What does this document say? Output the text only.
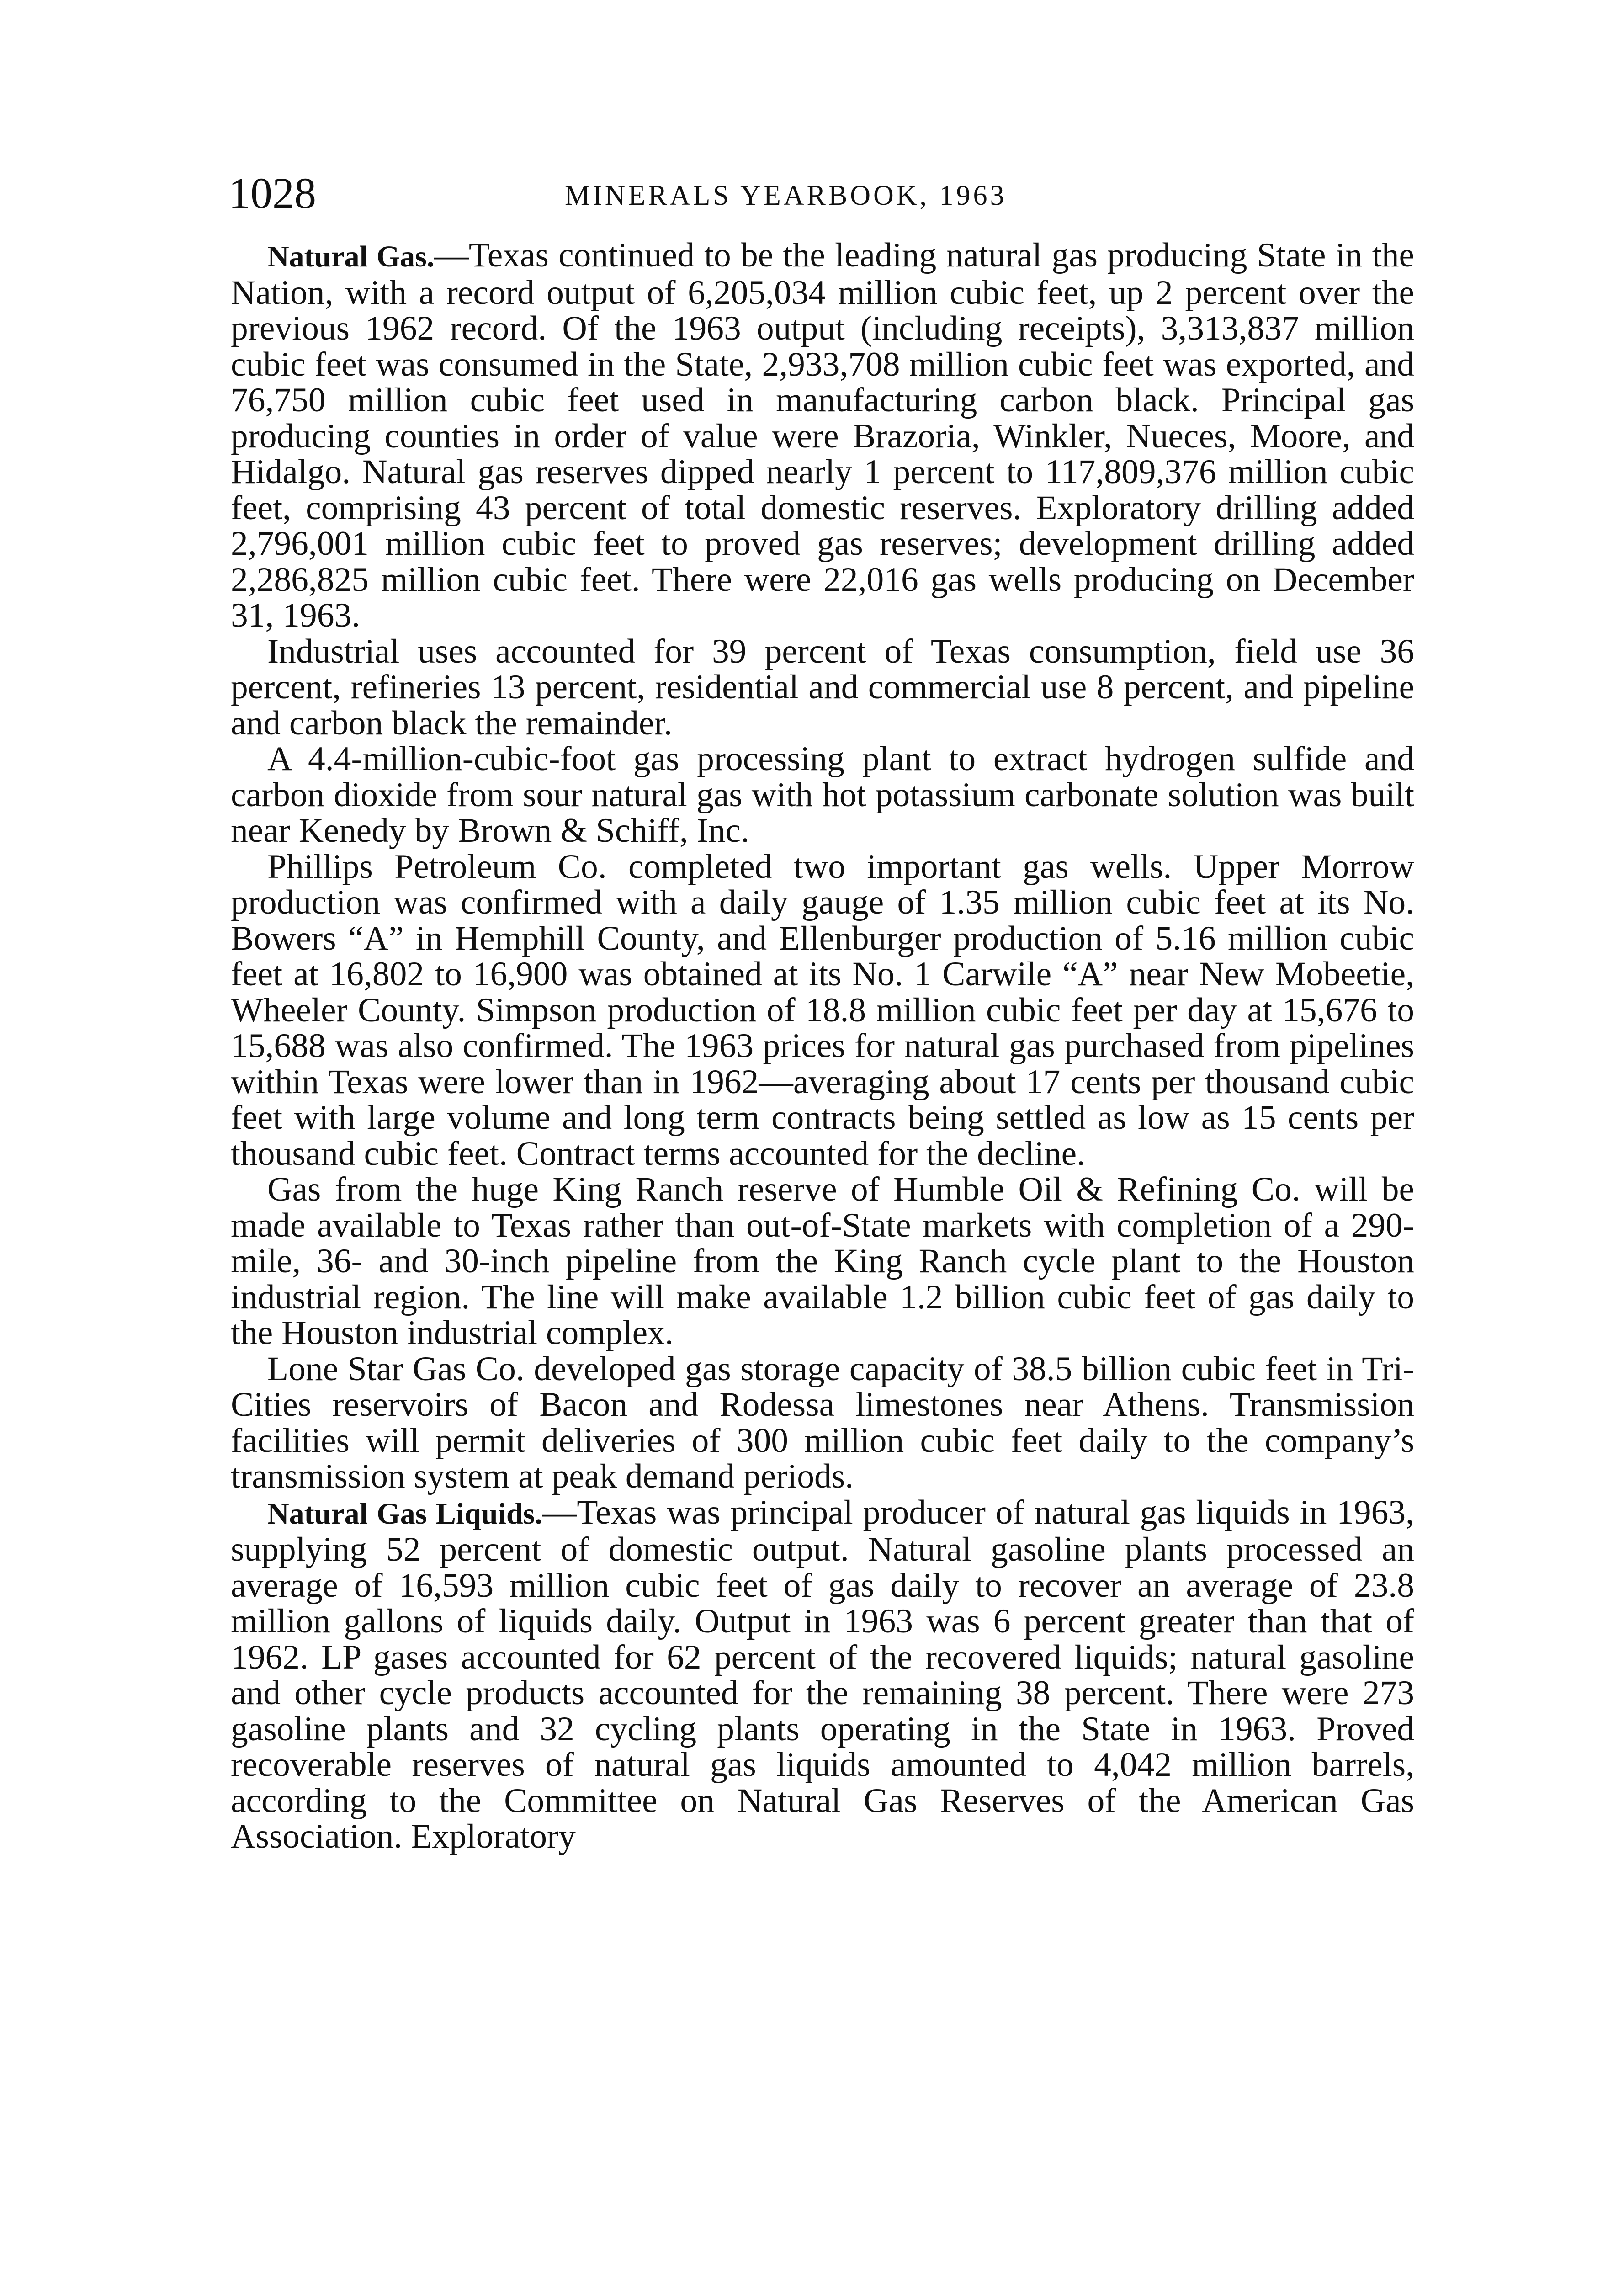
1028	MINERALS YEARBOOK, 1963

Natural Gas.—Texas continued to be the leading natural gas producing State in the Nation, with a record output of 6,205,034 million cubic feet, up 2 percent over the previous 1962 record. Of the 1963 output (including receipts), 3,313,837 million cubic feet was consumed in the State, 2,933,708 million cubic feet was exported, and 76,750 million cubic feet used in manufacturing carbon black. Principal gas producing counties in order of value were Brazoria, Winkler, Nueces, Moore, and Hidalgo. Natural gas reserves dipped nearly 1 percent to 117,809,376 million cubic feet, comprising 43 percent of total domestic reserves. Exploratory drilling added 2,796,001 million cubic feet to proved gas reserves; development drilling added 2,286,825 million cubic feet. There were 22,016 gas wells producing on December 31, 1963.

Industrial uses accounted for 39 percent of Texas consumption, field use 36 percent, refineries 13 percent, residential and commercial use 8 percent, and pipeline and carbon black the remainder.

A 4.4-million-cubic-foot gas processing plant to extract hydrogen sulfide and carbon dioxide from sour natural gas with hot potassium carbonate solution was built near Kenedy by Brown & Schiff, Inc.

Phillips Petroleum Co. completed two important gas wells. Upper Morrow production was confirmed with a daily gauge of 1.35 million cubic feet at its No. Bowers “A” in Hemphill County, and Ellenburger production of 5.16 million cubic feet at 16,802 to 16,900 was obtained at its No. 1 Carwile “A” near New Mobeetie, Wheeler County. Simpson production of 18.8 million cubic feet per day at 15,676 to 15,688 was also confirmed. The 1963 prices for natural gas purchased from pipelines within Texas were lower than in 1962—averaging about 17 cents per thousand cubic feet with large volume and long term contracts being settled as low as 15 cents per thousand cubic feet. Contract terms accounted for the decline.

Gas from the huge King Ranch reserve of Humble Oil & Refining Co. will be made available to Texas rather than out-of-State markets with completion of a 290-mile, 36- and 30-inch pipeline from the King Ranch cycle plant to the Houston industrial region. The line will make available 1.2 billion cubic feet of gas daily to the Houston industrial complex.

Lone Star Gas Co. developed gas storage capacity of 38.5 billion cubic feet in Tri-Cities reservoirs of Bacon and Rodessa limestones near Athens. Transmission facilities will permit deliveries of 300 million cubic feet daily to the company’s transmission system at peak demand periods.

Natural Gas Liquids.—Texas was principal producer of natural gas liquids in 1963, supplying 52 percent of domestic output. Natural gasoline plants processed an average of 16,593 million cubic feet of gas daily to recover an average of 23.8 million gallons of liquids daily. Output in 1963 was 6 percent greater than that of 1962. LP gases accounted for 62 percent of the recovered liquids; natural gasoline and other cycle products accounted for the remaining 38 percent. There were 273 gasoline plants and 32 cycling plants operating in the State in 1963. Proved recoverable reserves of natural gas liquids amounted to 4,042 million barrels, according to the Committee on Natural Gas Reserves of the American Gas Association. Exploratory
